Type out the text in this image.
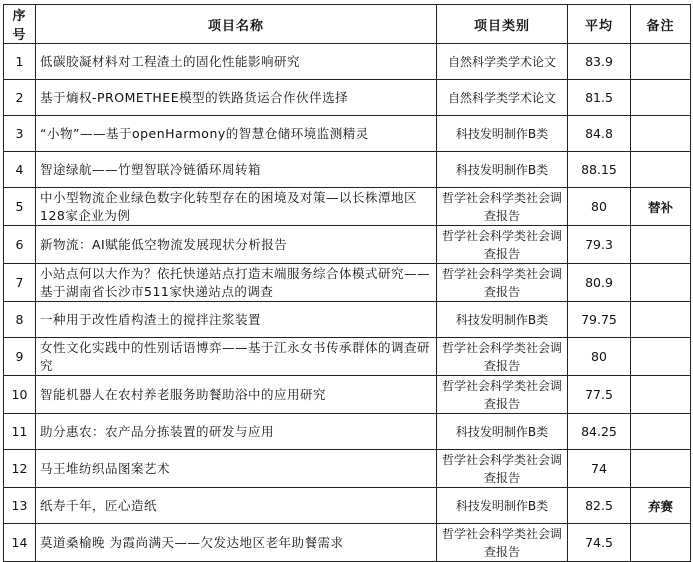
序号	项目名称	项目类别	平均	备注
1	低碳胶凝材料对工程渣土的固化性能影响研究	自然科学类学术论文	83.9	
2	基于熵权-PROMETHEE模型的铁路货运合作伙伴选择	自然科学类学术论文	81.5	
3	“小物”——基于openHarmony的智慧仓储环境监测精灵	科技发明制作B类	84.8	
4	智途绿航——竹塑智联冷链循环周转箱	科技发明制作B类	88.15	
5	中小型物流企业绿色数字化转型存在的困境及对策—以长株潭地区128家企业为例	哲学社会科学类社会调查报告	80	替补
6	新物流：AI赋能低空物流发展现状分析报告	哲学社会科学类社会调查报告	79.3	
7	小站点何以大作为？依托快递站点打造末端服务综合体模式研究——基于湖南省长沙市511家快递站点的调查	哲学社会科学类社会调查报告	80.9	
8	一种用于改性盾构渣土的搅拌注浆装置	科技发明制作B类	79.75	
9	女性文化实践中的性别话语博弈——基于江永女书传承群体的调查研究	哲学社会科学类社会调查报告	80	
10	智能机器人在农村养老服务助餐助浴中的应用研究	哲学社会科学类社会调查报告	77.5	
11	助分惠农：农产品分拣装置的研发与应用	科技发明制作B类	84.25	
12	马王堆纺织品图案艺术	哲学社会科学类社会调查报告	74	
13	纸寿千年，匠心造纸	科技发明制作B类	82.5	弃赛
14	莫道桑榆晚 为霞尚满天——欠发达地区老年助餐需求	哲学社会科学类社会调查报告	74.5	
